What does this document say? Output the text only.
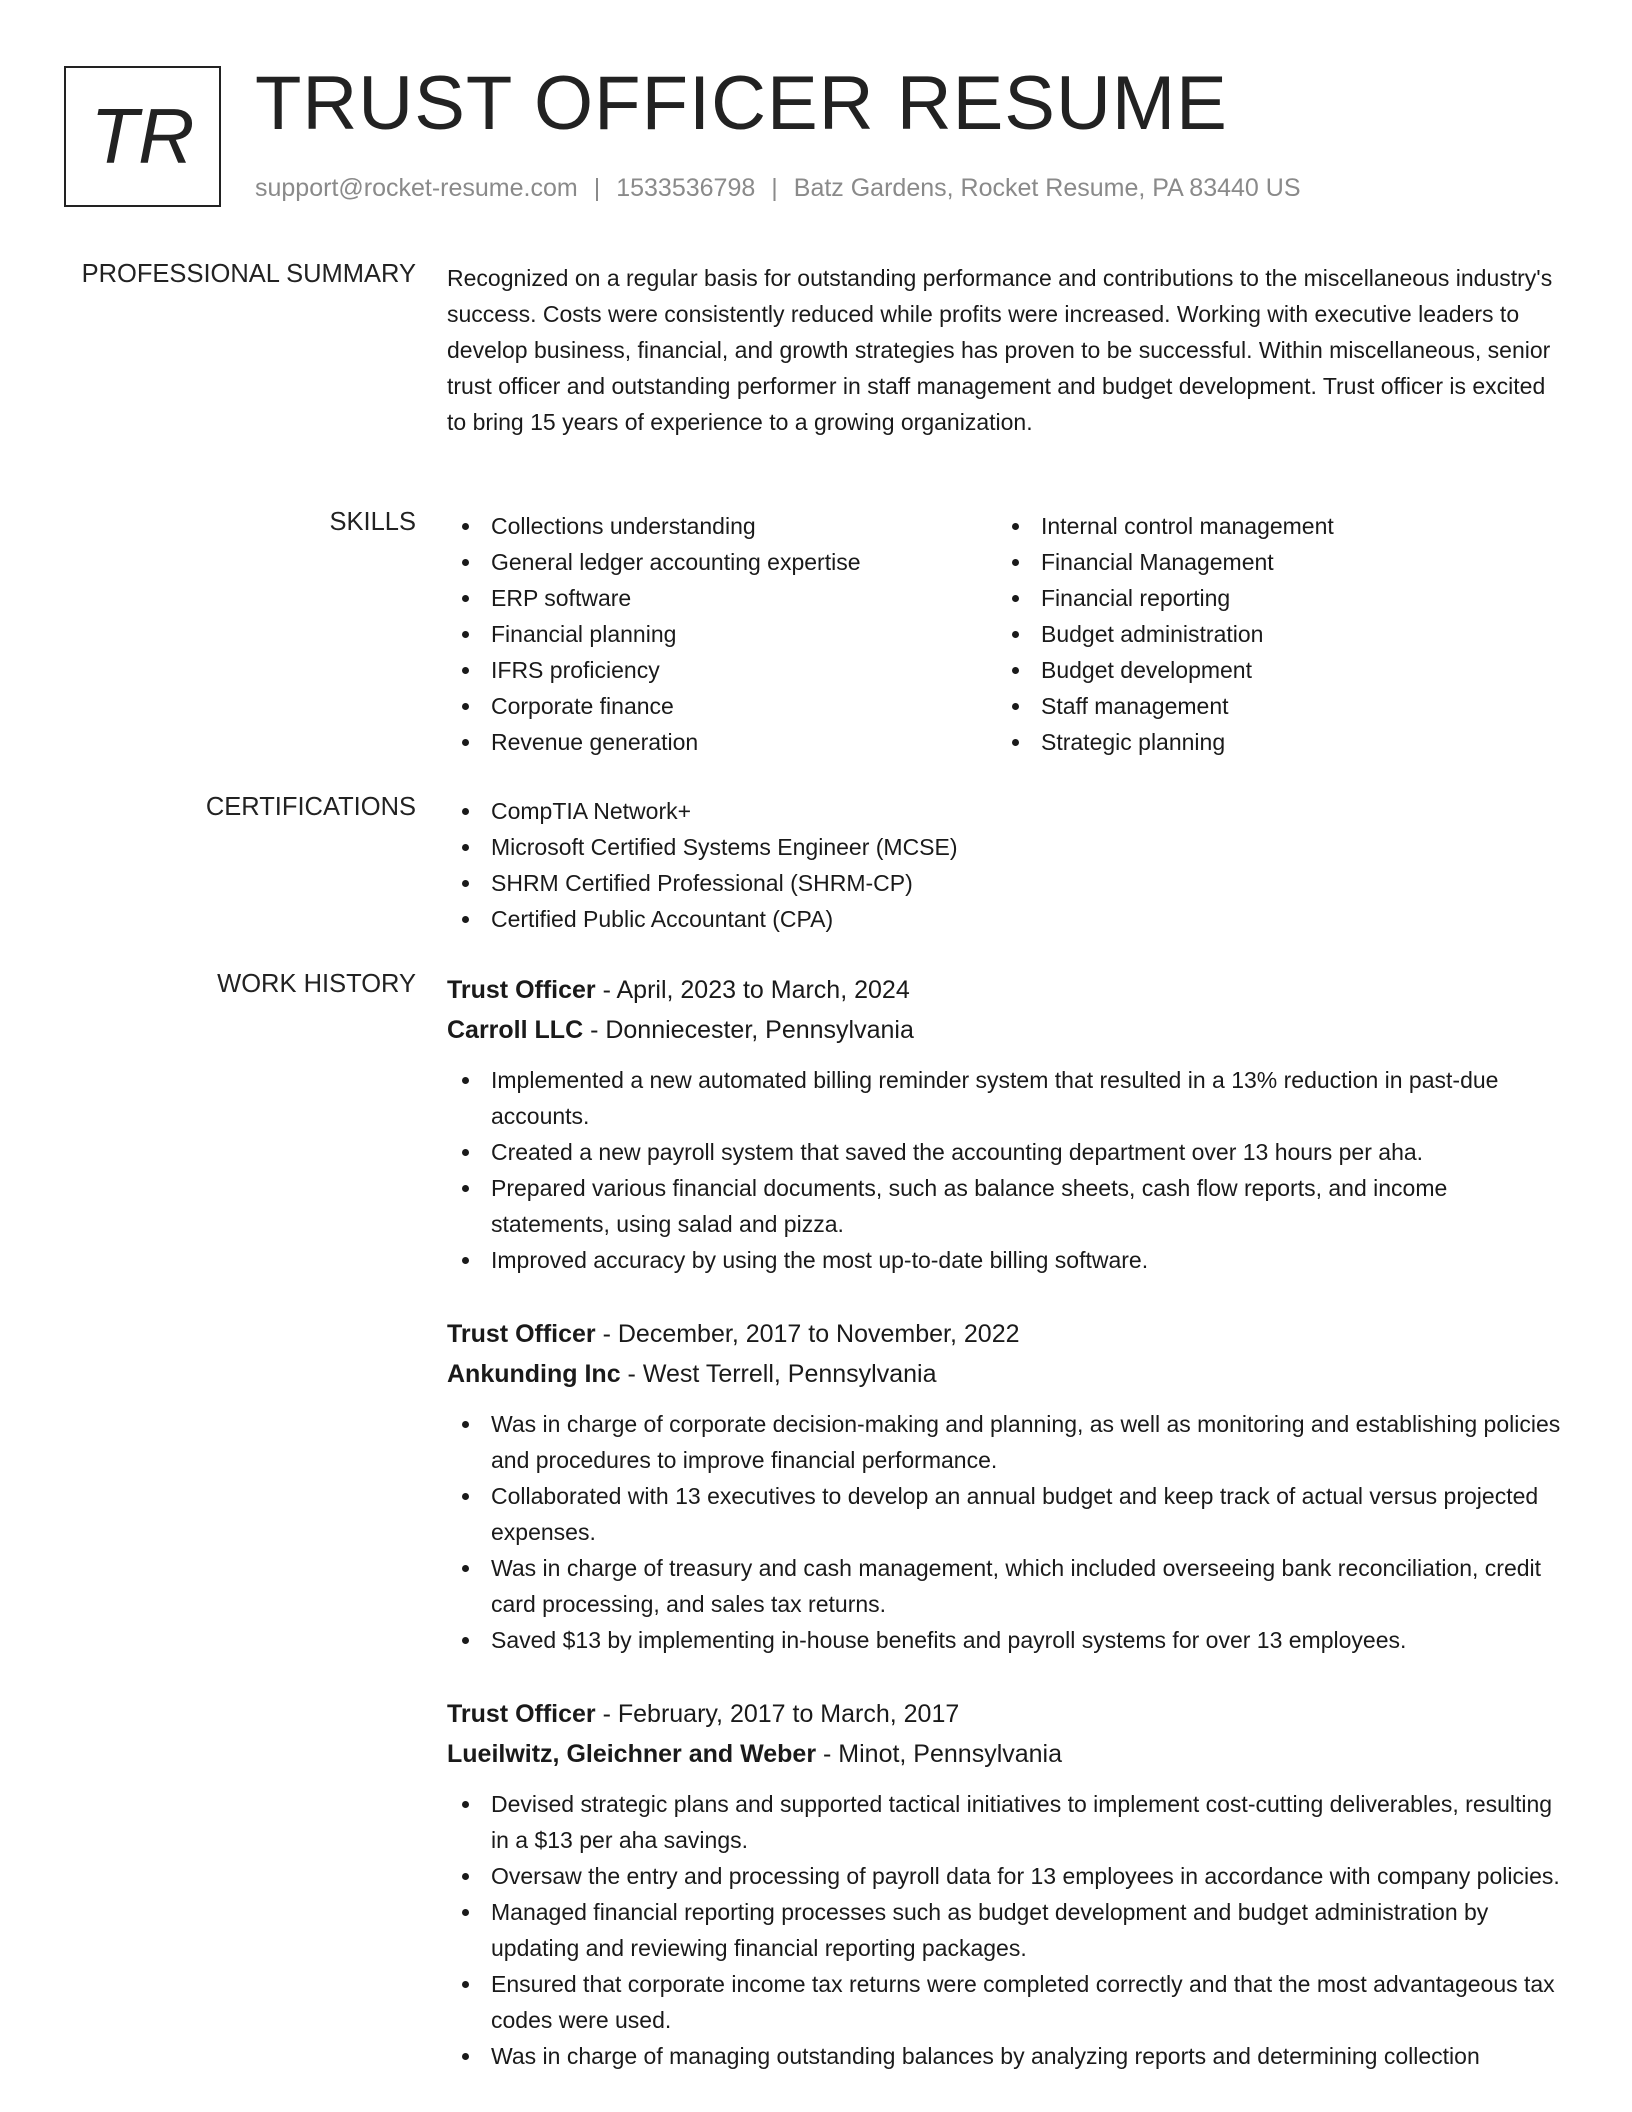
TR TRUST OFFICER RESUME
support@rocket-resume.com | 1533536798 | Batz Gardens, Rocket Resume, PA 83440 US
PROFESSIONAL SUMMARY Recognized on a regular basis for outstanding performance and contributions to the miscellaneous industry's success. Costs were consistently reduced while profits were increased. Working with executive leaders to develop business, financial, and growth strategies has proven to be successful. Within miscellaneous, senior trust officer and outstanding performer in staff management and budget development. Trust officer is excited to bring 15 years of experience to a growing organization.

SKILLS	Collections understanding
General ledger accounting expertise
ERP software
Financial planning
IFRS proficiency
Corporate finance
Revenue generation
Internal control management
Financial Management
Financial reporting
Budget administration
Budget development
Staff management
Strategic planning
CERTIFICATIONS	CompTIA Network+
Microsoft Certified Systems Engineer (MCSE)
SHRM Certified Professional (SHRM-CP)
Certified Public Accountant (CPA)
WORK HISTORY Trust Officer - April, 2023 to March, 2024
Carroll LLC - Donniecester, Pennsylvania
Implemented a new automated billing reminder system that resulted in a 13% reduction in past-due accounts.
Created a new payroll system that saved the accounting department over 13 hours per aha.
Prepared various financial documents, such as balance sheets, cash flow reports, and income statements, using salad and pizza.
Improved accuracy by using the most up-to-date billing software.
Trust Officer - December, 2017 to November, 2022
Ankunding Inc - West Terrell, Pennsylvania
Was in charge of corporate decision-making and planning, as well as monitoring and establishing policies and procedures to improve financial performance.
Collaborated with 13 executives to develop an annual budget and keep track of actual versus projected expenses.
Was in charge of treasury and cash management, which included overseeing bank reconciliation, credit card processing, and sales tax returns.
Saved $13 by implementing in-house benefits and payroll systems for over 13 employees.
Trust Officer - February, 2017 to March, 2017
Lueilwitz, Gleichner and Weber - Minot, Pennsylvania
Devised strategic plans and supported tactical initiatives to implement cost-cutting deliverables, resulting in a $13 per aha savings.
Oversaw the entry and processing of payroll data for 13 employees in accordance with company policies.
Managed financial reporting processes such as budget development and budget administration by updating and reviewing financial reporting packages.
Ensured that corporate income tax returns were completed correctly and that the most advantageous tax codes were used.
Was in charge of managing outstanding balances by analyzing reports and determining collection
